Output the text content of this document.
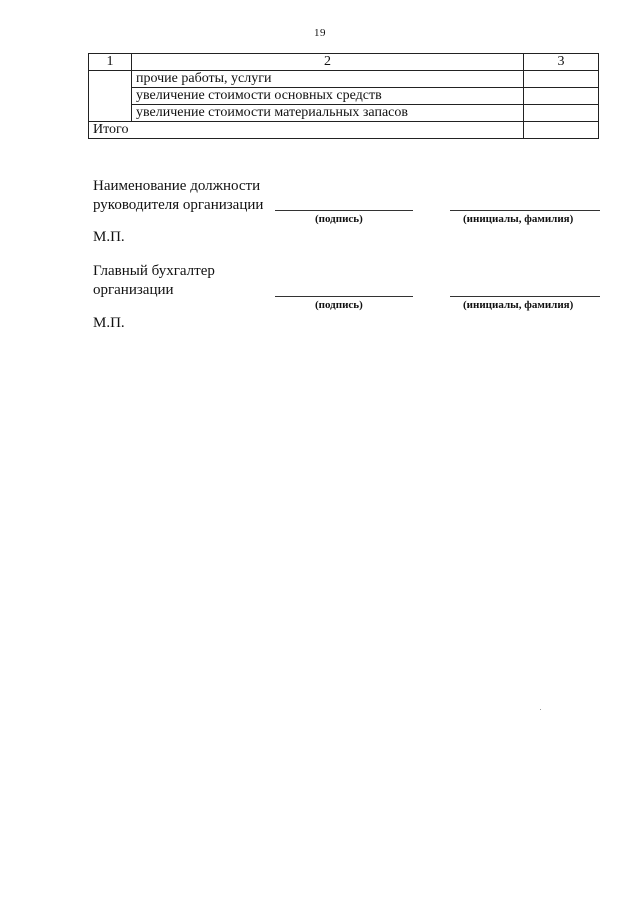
19
1	2	3
	прочие работы, услуги	
	увеличение стоимости основных средств	
	увеличение стоимости материальных запасов	
Итого		
Наименование должности
руководителя организации
(подпись)	(инициалы, фамилия)
М.П.
Главный бухгалтер
организации
(подпись)	(инициалы, фамилия)
М.П.
